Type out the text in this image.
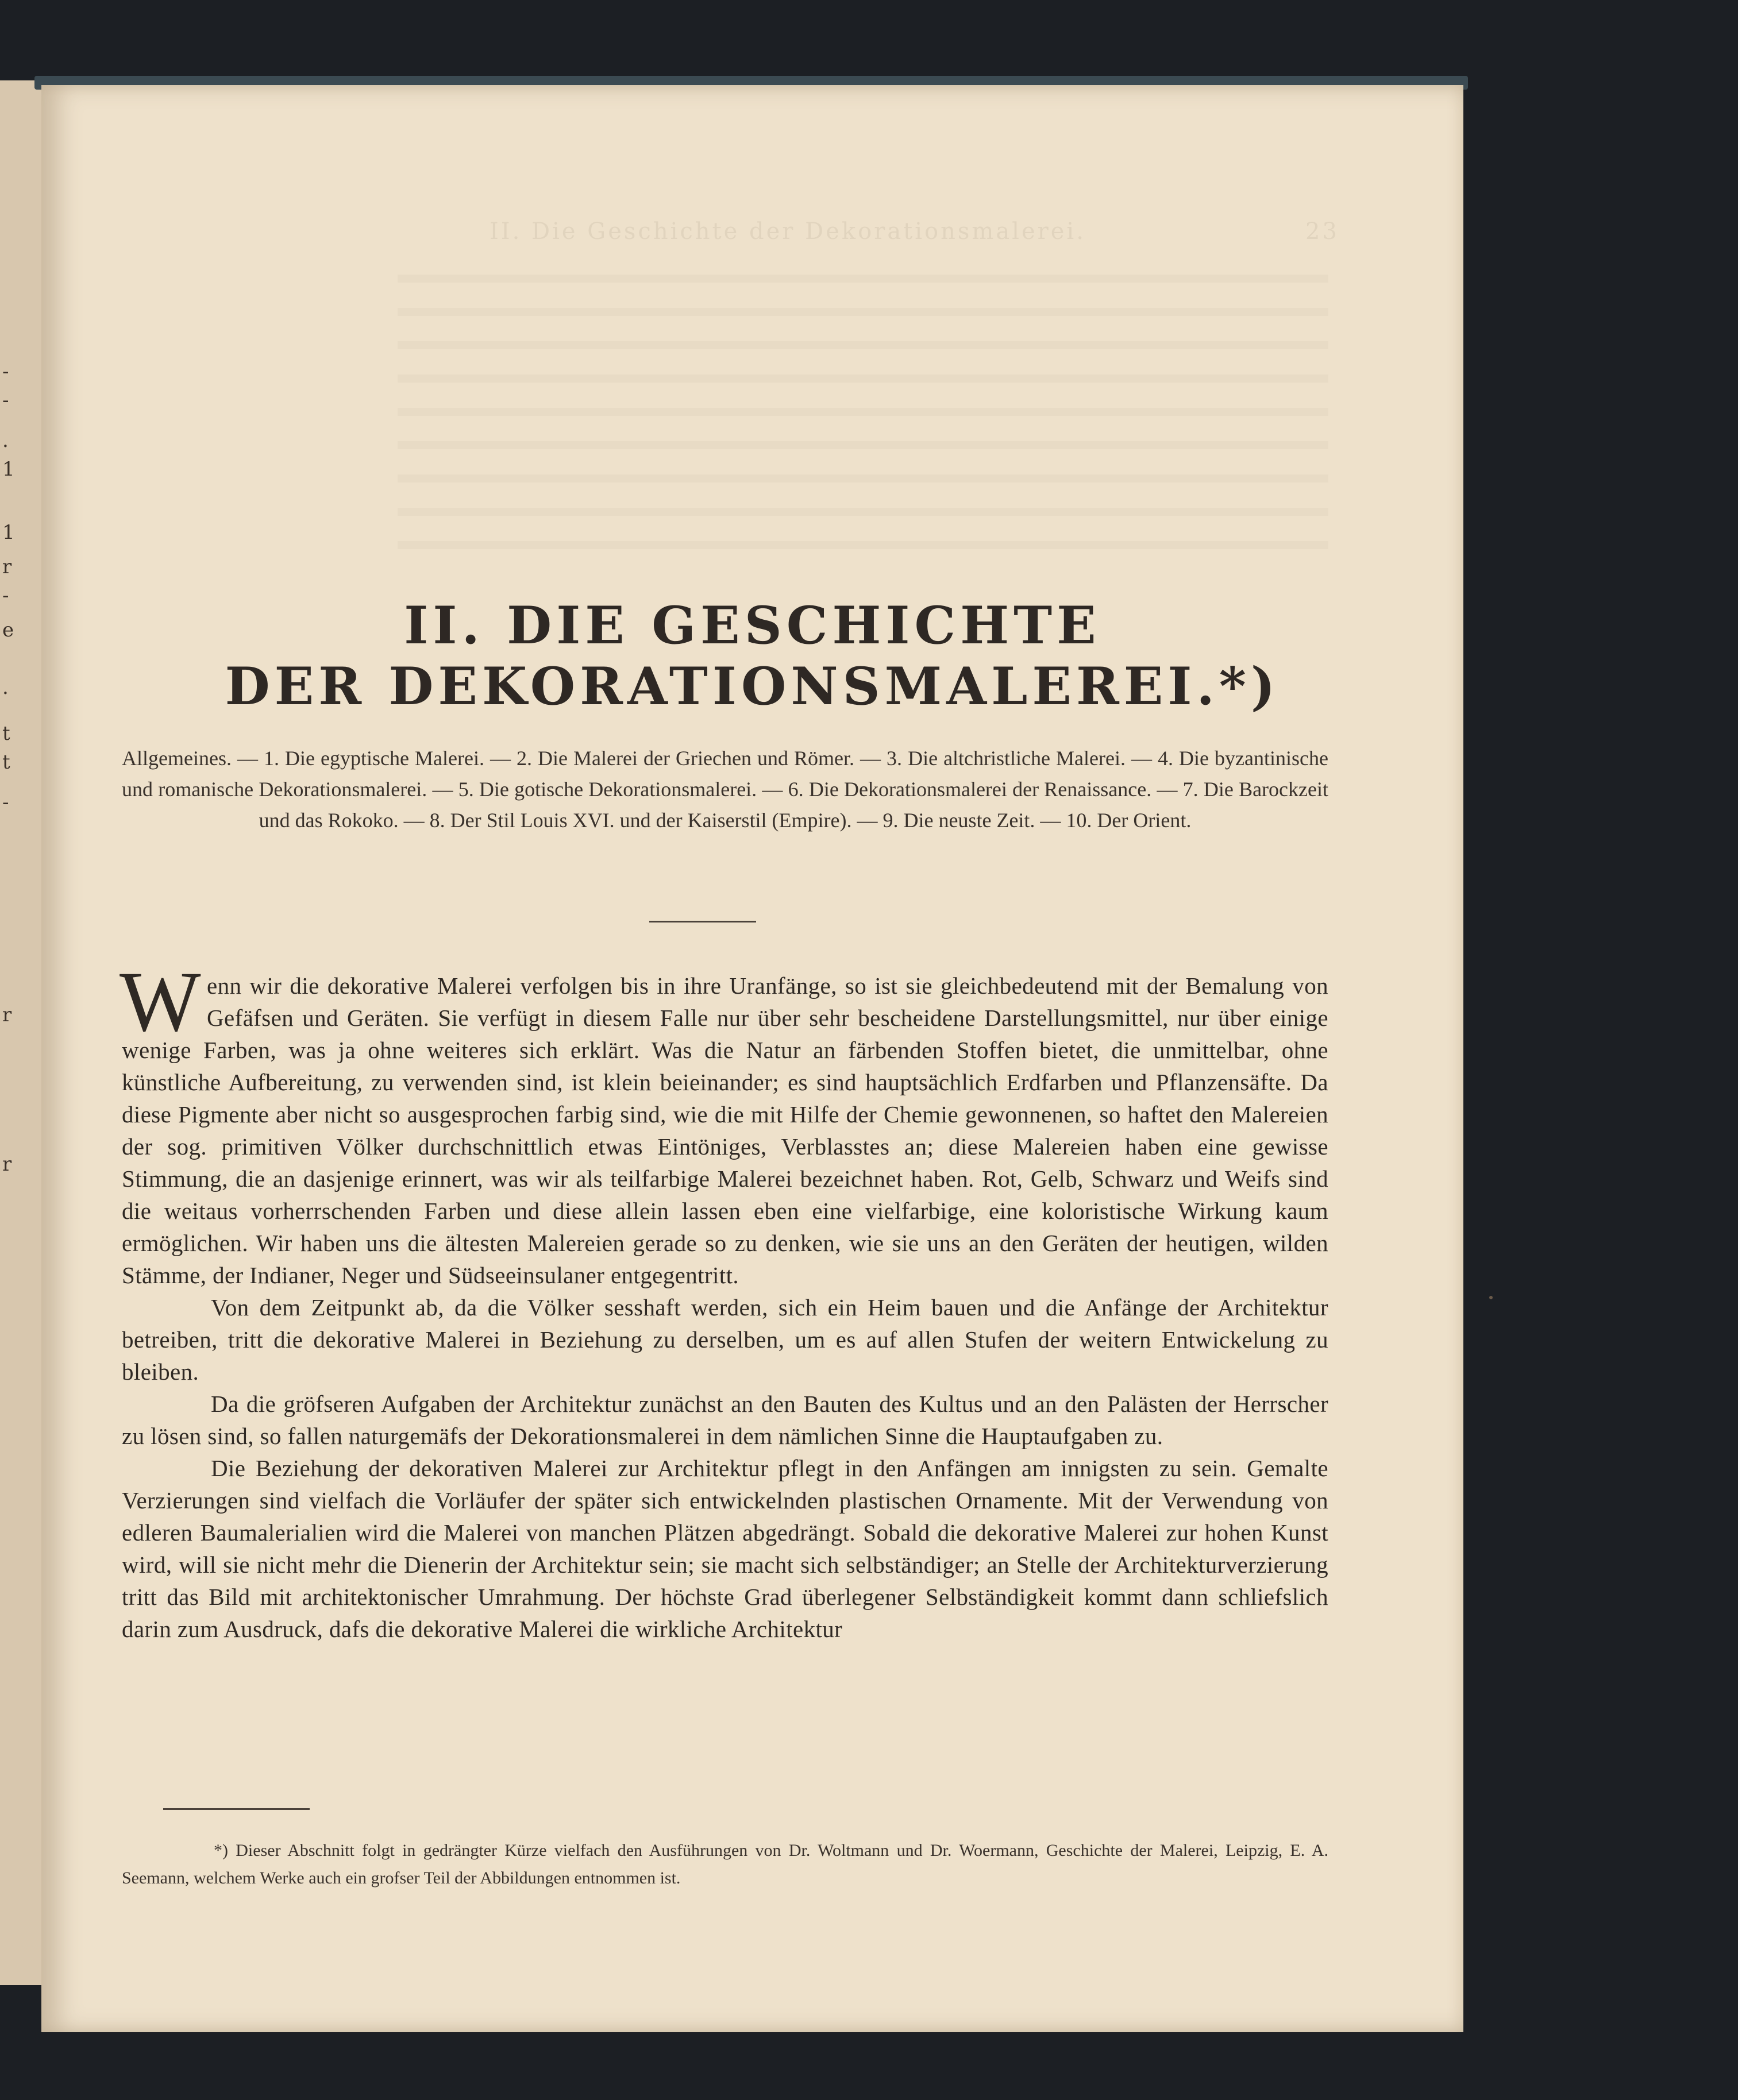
-
-
.
1
1
r
-
e
.
t
t
-
r
r
II. Die Geschichte der Dekorationsmalerei.	23
II. DIE GESCHICHTE
DER DEKORATIONSMALEREI.*)
Allgemeines. — 1. Die egyptische Malerei. — 2. Die Malerei der Griechen und Römer. — 3. Die altchristliche Malerei. — 4. Die byzantinische und romanische Dekorationsmalerei. — 5. Die gotische Dekorationsmalerei. — 6. Die Dekorationsmalerei der Renaissance. — 7. Die Barockzeit und das Rokoko. — 8. Der Stil Louis XVI. und der Kaiserstil (Empire). — 9. Die neuste Zeit. — 10. Der Orient.

Wenn wir die dekorative Malerei verfolgen bis in ihre Uranfänge, so ist sie gleichbedeutend mit der Bemalung von Gefäfsen und Geräten. Sie verfügt in diesem Falle nur über sehr bescheidene Darstellungsmittel, nur über einige wenige Farben, was ja ohne weiteres sich erklärt. Was die Natur an färbenden Stoffen bietet, die unmittelbar, ohne künstliche Aufbereitung, zu verwenden sind, ist klein beieinander; es sind hauptsächlich Erdfarben und Pflanzensäfte. Da diese Pigmente aber nicht so ausgesprochen farbig sind, wie die mit Hilfe der Chemie gewonnenen, so haftet den Malereien der sog. primitiven Völker durchschnittlich etwas Eintöniges, Verblasstes an; diese Malereien haben eine gewisse Stimmung, die an dasjenige erinnert, was wir als teilfarbige Malerei bezeichnet haben. Rot, Gelb, Schwarz und Weifs sind die weitaus vorherrschenden Farben und diese allein lassen eben eine vielfarbige, eine koloristische Wirkung kaum ermöglichen. Wir haben uns die ältesten Malereien gerade so zu denken, wie sie uns an den Geräten der heutigen, wilden Stämme, der Indianer, Neger und Südseeinsulaner entgegentritt.

Von dem Zeitpunkt ab, da die Völker sesshaft werden, sich ein Heim bauen und die Anfänge der Architektur betreiben, tritt die dekorative Malerei in Beziehung zu derselben, um es auf allen Stufen der weitern Entwickelung zu bleiben.

Da die gröfseren Aufgaben der Architektur zunächst an den Bauten des Kultus und an den Palästen der Herrscher zu lösen sind, so fallen naturgemäfs der Dekorationsmalerei in dem nämlichen Sinne die Hauptaufgaben zu.

Die Beziehung der dekorativen Malerei zur Architektur pflegt in den Anfängen am innigsten zu sein. Gemalte Verzierungen sind vielfach die Vorläufer der später sich entwickelnden plastischen Ornamente. Mit der Verwendung von edleren Baumalerialien wird die Malerei von manchen Plätzen abgedrängt. Sobald die dekorative Malerei zur hohen Kunst wird, will sie nicht mehr die Dienerin der Architektur sein; sie macht sich selbständiger; an Stelle der Architekturverzierung tritt das Bild mit architektonischer Umrahmung. Der höchste Grad überlegener Selbständigkeit kommt dann schliefslich darin zum Ausdruck, dafs die dekorative Malerei die wirkliche Architektur

*) Dieser Abschnitt folgt in gedrängter Kürze vielfach den Ausführungen von Dr. Woltmann und Dr. Woermann, Geschichte der Malerei, Leipzig, E. A. Seemann, welchem Werke auch ein grofser Teil der Abbildungen entnommen ist.
